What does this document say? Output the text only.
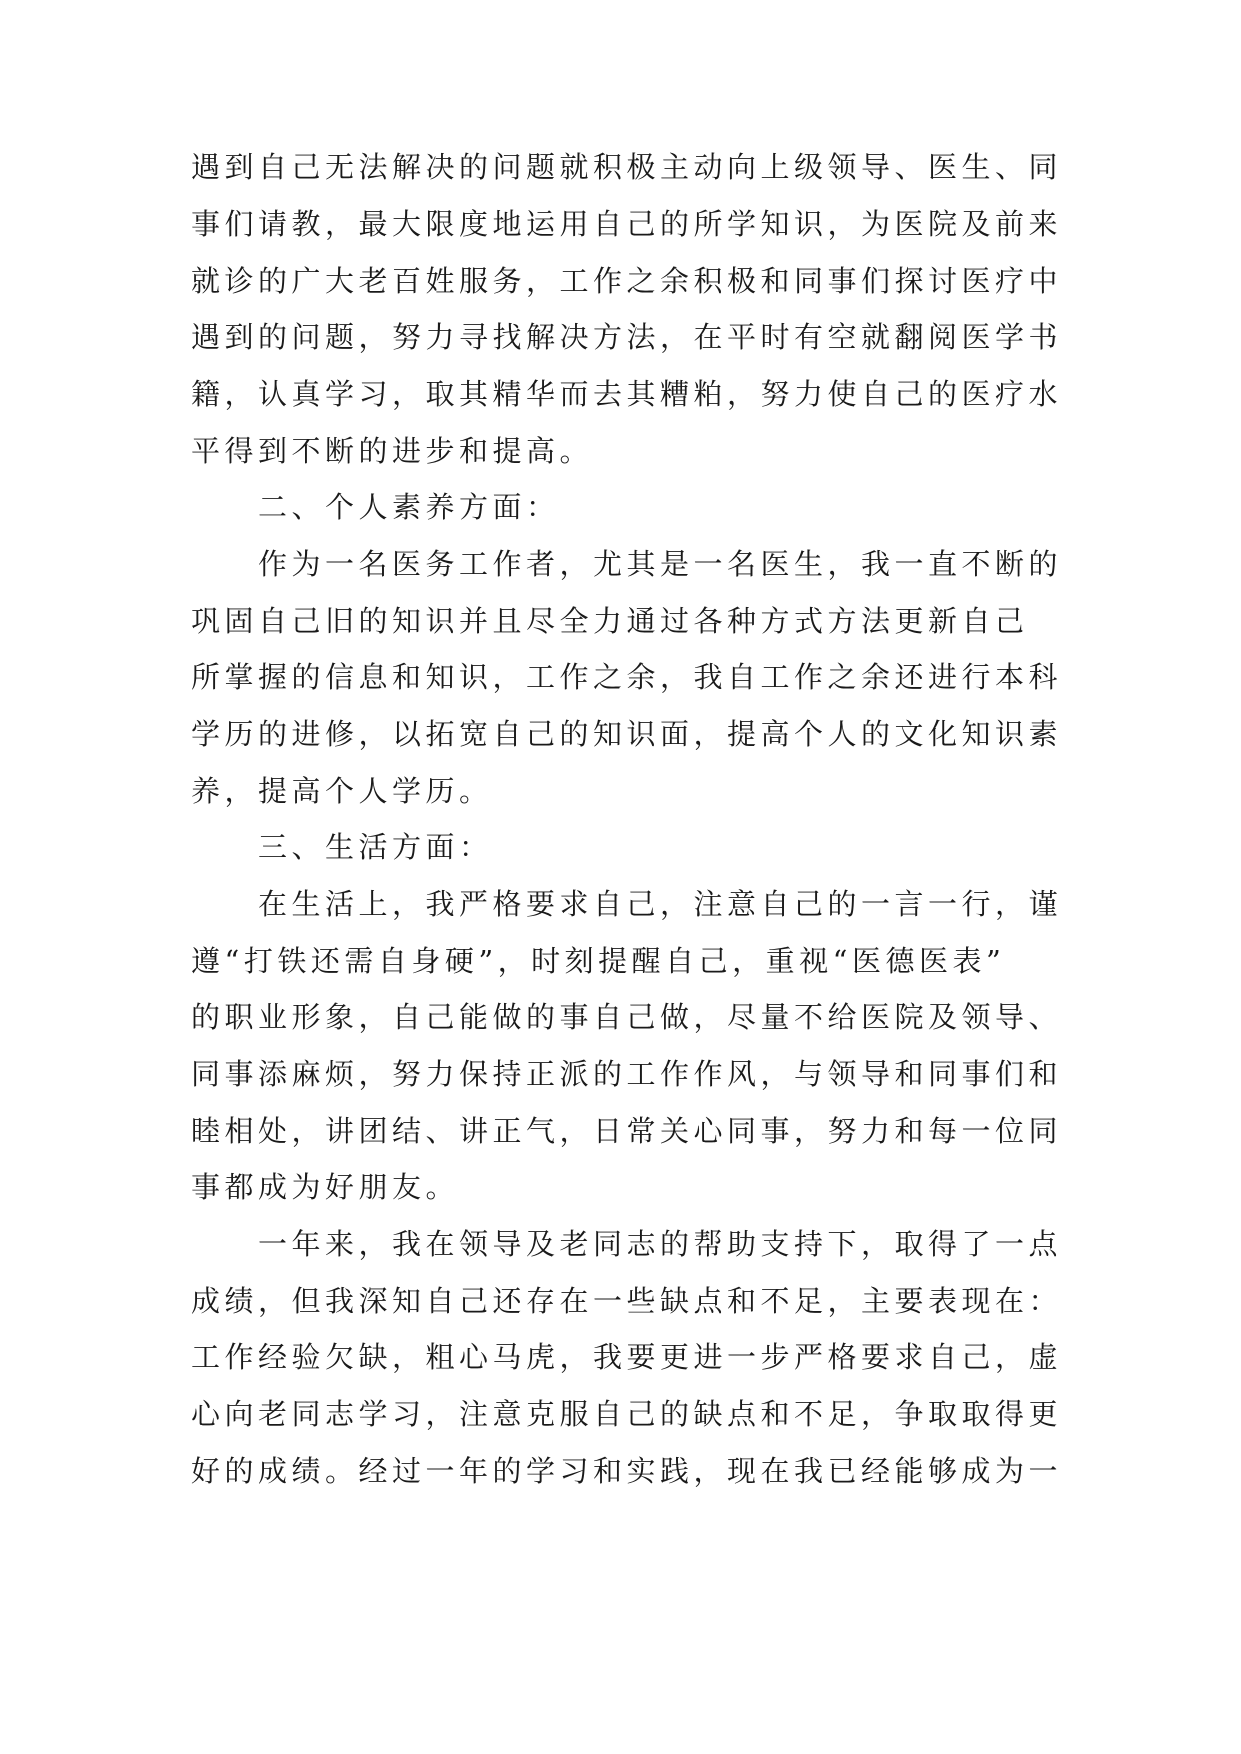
遇到自己无法解决的问题就积极主动向上级领导、医生、同
事们请教，最大限度地运用自己的所学知识，为医院及前来
就诊的广大老百姓服务，工作之余积极和同事们探讨医疗中
遇到的问题，努力寻找解决方法，在平时有空就翻阅医学书
籍，认真学习，取其精华而去其糟粕，努力使自己的医疗水
平得到不断的进步和提高。
二、个人素养方面：
作为一名医务工作者，尤其是一名医生，我一直不断的
巩固自己旧的知识并且尽全力通过各种方式方法更新自己
所掌握的信息和知识，工作之余，我自工作之余还进行本科
学历的进修，以拓宽自己的知识面，提高个人的文化知识素
养，提高个人学历。
三、生活方面：
在生活上，我严格要求自己，注意自己的一言一行，谨
遵“打铁还需自身硬”，时刻提醒自己，重视“医德医表”
的职业形象，自己能做的事自己做，尽量不给医院及领导、
同事添麻烦，努力保持正派的工作作风，与领导和同事们和
睦相处，讲团结、讲正气，日常关心同事，努力和每一位同
事都成为好朋友。
一年来，我在领导及老同志的帮助支持下，取得了一点
成绩，但我深知自己还存在一些缺点和不足，主要表现在：
工作经验欠缺，粗心马虎，我要更进一步严格要求自己，虚
心向老同志学习，注意克服自己的缺点和不足，争取取得更
好的成绩。经过一年的学习和实践，现在我已经能够成为一
